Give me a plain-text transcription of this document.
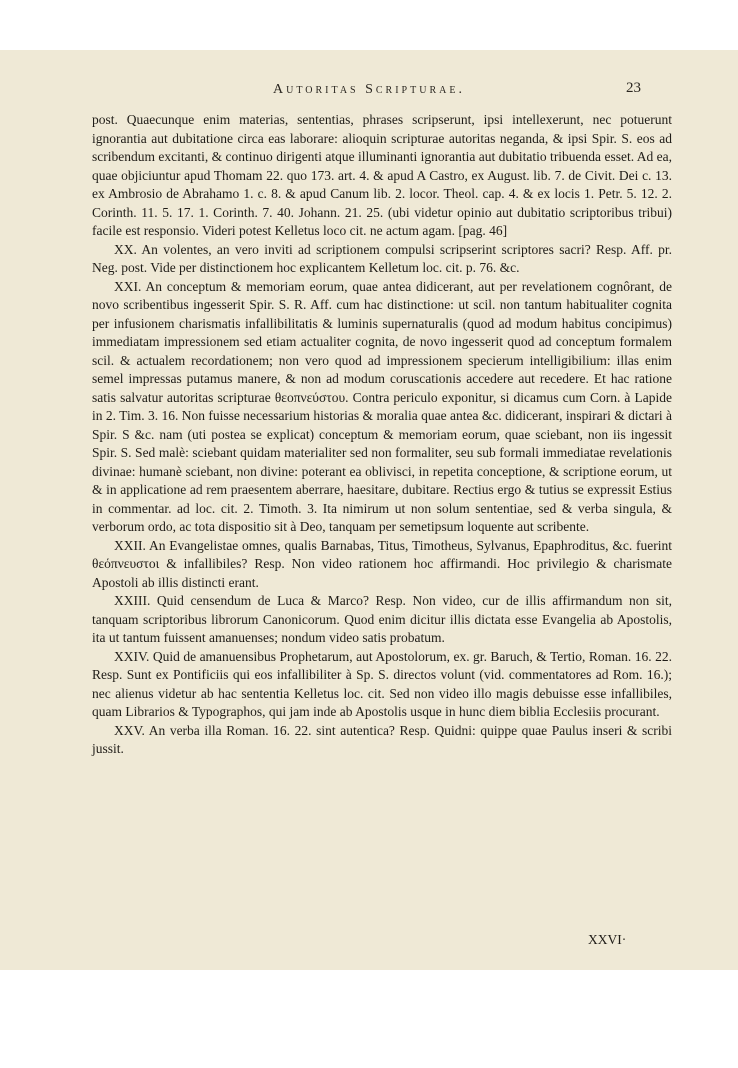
Autoritas Scripturae.	23

post. Quaecunque enim materias, sententias, phrases scripserunt, ipsi intellexerunt, nec potuerunt ignorantia aut dubitatione circa eas laborare: alioquin scripturae autoritas neganda, & ipsi Spir. S. eos ad scribendum excitanti, & continuo dirigenti atque illuminanti ignorantia aut dubitatio tribuenda esset. Ad ea, quae objiciuntur apud Thomam 22. quo 173. art. 4. & apud A Castro, ex August. lib. 7. de Civit. Dei c. 13. ex Ambrosio de Abrahamo 1. c. 8. & apud Canum lib. 2. locor. Theol. cap. 4. & ex locis 1. Petr. 5. 12. 2. Corinth. 11. 5. 17. 1. Corinth. 7. 40. Johann. 21. 25. (ubi videtur opinio aut dubitatio scriptoribus tribui) facile est responsio. Videri potest Kelletus loco cit. ne actum agam. [pag. 46]

XX. An volentes, an vero inviti ad scriptionem compulsi scripserint scriptores sacri? Resp. Aff. pr. Neg. post. Vide per distinctionem hoc explicantem Kelletum loc. cit. p. 76. &c.

XXI. An conceptum & memoriam eorum, quae antea didicerant, aut per revelationem cognôrant, de novo scribentibus ingesserit Spir. S. R. Aff. cum hac distinctione: ut scil. non tantum habitualiter cognita per infusionem charismatis infallibilitatis & luminis supernaturalis (quod ad modum habitus concipimus) immediatam impressionem sed etiam actualiter cognita, de novo ingesserit quod ad conceptum formalem scil. & actualem recordationem; non vero quod ad impressionem specierum intelligibilium: illas enim semel impressas putamus manere, & non ad modum coruscationis accedere aut recedere. Et hac ratione satis salvatur autoritas scripturae θεοπνεύστου. Contra periculo exponitur, si dicamus cum Corn. à Lapide in 2. Tim. 3. 16. Non fuisse necessarium historias & moralia quae antea &c. didicerant, inspirari & dictari à Spir. S &c. nam (uti postea se explicat) conceptum & memoriam eorum, quae sciebant, non iis ingessit Spir. S. Sed malè: sciebant quidam materialiter sed non formaliter, seu sub formali immediatae revelationis divinae: humanè sciebant, non divine: poterant ea oblivisci, in repetita conceptione, & scriptione eorum, ut & in applicatione ad rem praesentem aberrare, haesitare, dubitare. Rectius ergo & tutius se expressit Estius in commentar. ad loc. cit. 2. Timoth. 3. Ita nimirum ut non solum sententiae, sed & verba singula, & verborum ordo, ac tota dispositio sit à Deo, tanquam per semetipsum loquente aut scribente.

XXII. An Evangelistae omnes, qualis Barnabas, Titus, Timotheus, Sylvanus, Epaphroditus, &c. fuerint θεόπνευστοι & infallibiles? Resp. Non video rationem hoc affirmandi. Hoc privilegio & charismate Apostoli ab illis distincti erant.

XXIII. Quid censendum de Luca & Marco? Resp. Non video, cur de illis affirmandum non sit, tanquam scriptoribus librorum Canonicorum. Quod enim dicitur illis dictata esse Evangelia ab Apostolis, ita ut tantum fuissent amanuenses; nondum video satis probatum.

XXIV. Quid de amanuensibus Prophetarum, aut Apostolorum, ex. gr. Baruch, & Tertio, Roman. 16. 22. Resp. Sunt ex Pontificiis qui eos infallibiliter à Sp. S. directos volunt (vid. commentatores ad Rom. 16.); nec alienus videtur ab hac sententia Kelletus loc. cit. Sed non video illo magis debuisse esse infallibiles, quam Librarios & Typographos, qui jam inde ab Apostolis usque in hunc diem biblia Ecclesiis procurant.

XXV. An verba illa Roman. 16. 22. sint autentica? Resp. Quidni: quippe quae Paulus inseri & scribi jussit.

XXVI·
